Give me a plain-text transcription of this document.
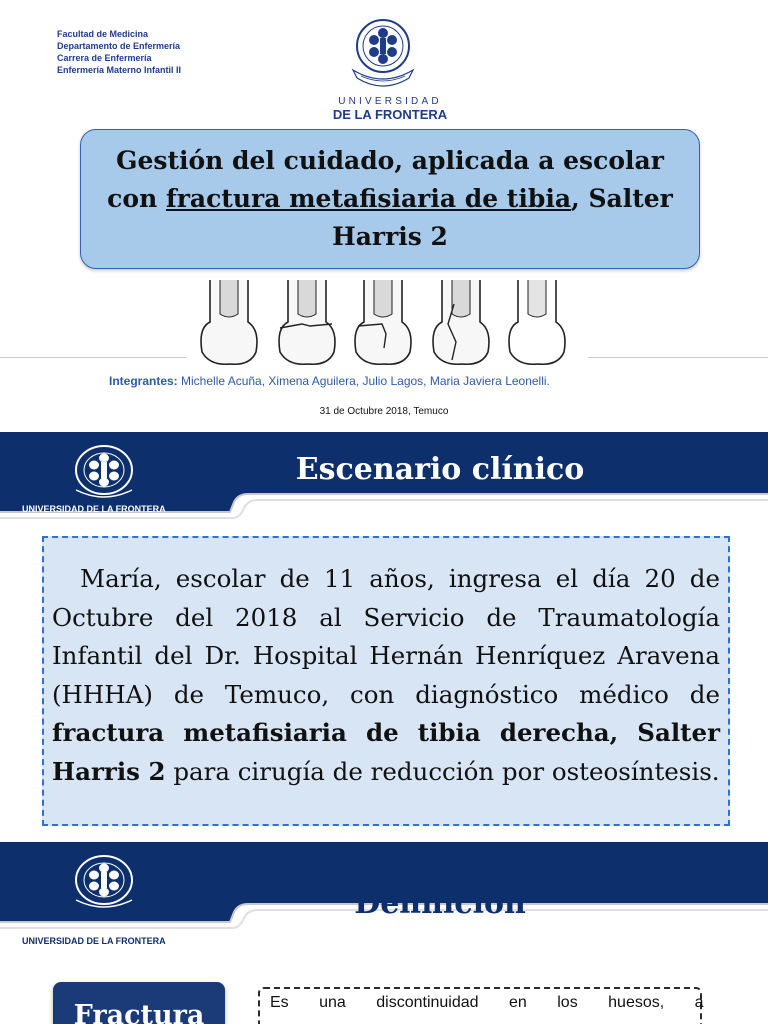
Facultad de Medicina
Departamento de Enfermería
Carrera de Enfermería
Enfermería Materno Infantil II
UNIVERSIDAD
DE LA FRONTERA
Gestión del cuidado, aplicada a escolar con fractura metafisiaria de tibia, Salter Harris 2
Integrantes: Michelle Acuña, Ximena Aguilera, Julio Lagos, Maria Javiera Leonelli.
31 de Octubre 2018, Temuco
UNIVERSIDAD DE LA FRONTERA
Escenario clínico
María, escolar de 11 años, ingresa el día 20 de Octubre del 2018 al Servicio de Traumatología Infantil del Dr. Hospital Hernán Henríquez Aravena (HHHA) de Temuco, con diagnóstico médico de fractura metafisiaria de tibia derecha, Salter Harris 2 para cirugía de reducción por osteosíntesis.
UNIVERSIDAD DE LA FRONTERA
Definición
Fractura	Es una discontinuidad en los huesos, a
